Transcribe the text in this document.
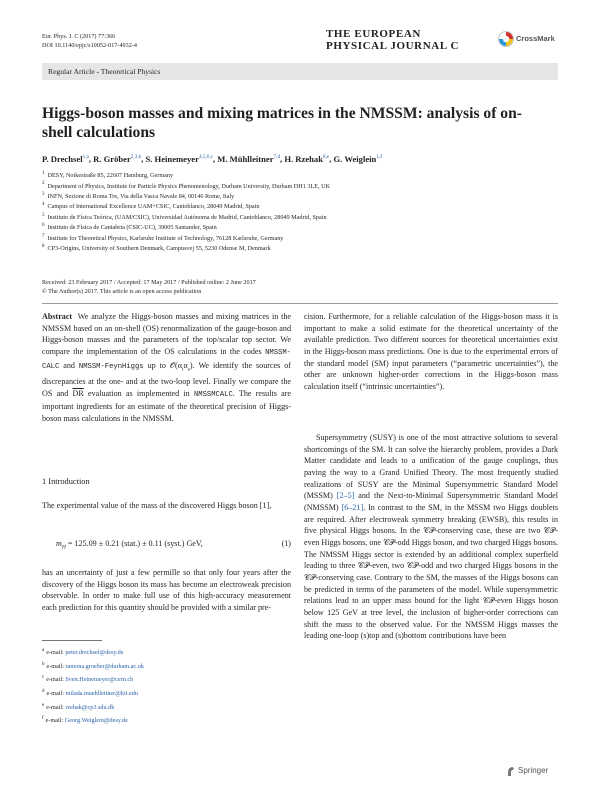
Eur. Phys. J. C (2017) 77:366
DOI 10.1140/epjc/s10052-017-4932-4
THE EUROPEAN
PHYSICAL JOURNAL C
CrossMark
Regular Article - Theoretical Physics
Higgs-boson masses and mixing matrices in the NMSSM: analysis of on-shell calculations
P. Drechsel$^{1,a}$, R. Gröber$^{2,3,b}$, S. Heinemeyer$^{4,5,6,c}$, M. Mühlleitner$^{7,d}$, H. Rzehak$^{8,e}$, G. Weiglein$^{1,f}$
$^1$ DESY, Notkestraße 85, 22607 Hamburg, Germany
$^2$ Department of Physics, Institute for Particle Physics Phenomenology, Durham University, Durham DH1 3LE, UK
$^3$ INFN, Sezione di Roma Tre, Via della Vasca Navale 84, 00146 Rome, Italy
$^4$ Campus of International Excellence UAM+CSIC, Cantoblanco, 28049 Madrid, Spain
$^5$ Instituto de Física Teórica, (UAM/CSIC), Universidad Autónoma de Madrid, Cantoblanco, 28049 Madrid, Spain
$^6$ Instituto de Física de Cantabria (CSIC-UC), 39005 Santander, Spain
$^7$ Institute for Theoretical Physics, Karlsruhe Institute of Technology, 76128 Karlsruhe, Germany
$^8$ CP3-Origins, University of Southern Denmark, Campusvej 55, 5230 Odense M, Denmark
Received: 23 February 2017 / Accepted: 17 May 2017 / Published online: 2 June 2017
© The Author(s) 2017. This article is an open access publication
Abstract We analyze the Higgs-boson masses and mixing matrices in the NMSSM based on an on-shell (OS) renormalization of the gauge-boson and Higgs-boson masses and the parameters of the top/scalar top sector. We compare the implementation of the OS calculations in the codes NMSSM-CALC and NMSSM-FeynHiggs up to $𝒪(\alpha_t\alpha_s)$. We identify the sources of discrepancies at the one- and at the two-loop level. Finally we compare the OS and $\overline{DR}$ evaluation as implemented in NMSSMCALC. The results are important ingredients for an estimate of the theoretical precision of Higgs-boson mass calculations in the NMSSM.
1 Introduction
The experimental value of the mass of the discovered Higgs boson [1],
$m_H = 125.09 \pm 0.21$ (stat.) ± 0.11 (syst.) GeV,	(1)
has an uncertainty of just a few permille so that only four years after the discovery of the Higgs boson its mass has become an electroweak precision observable. In order to make full use of this high-accuracy measurement each prediction for this quantity should be provided with a similar pre-
$^a$ e-mail: peter.drechsel@desy.de
$^b$ e-mail: ramona.groeber@durham.ac.uk
$^c$ e-mail: Sven.Heinemeyer@cern.ch
$^d$ e-mail: milada.muehlleitner@kit.edu
$^e$ e-mail: rzehak@cp3.sdu.dk
$^f$ e-mail: Georg.Weiglein@desy.de
cision. Furthermore, for a reliable calculation of the Higgs-boson mass it is important to make a solid estimate for the theoretical uncertainty of the available prediction. Two different sources for theoretical uncertainties exist in the Higgs-boson mass predictions. One is due to the experimental errors of the standard model (SM) input parameters (“parametric uncertainties”), the other are unknown higher-order corrections in the Higgs-boson mass calculation itself (“intrinsic uncertainties”).
Supersymmetry (SUSY) is one of the most attractive solutions to several shortcomings of the SM. It can solve the hierarchy problem, provides a Dark Matter candidate and leads to a unification of the gauge couplings, thus paving the way to a Grand Unified Theory. The most frequently studied realizations of SUSY are the Minimal Supersymmetric Standard Model (MSSM) [2–5] and the Next-to-Minimal Supersymmetric Standard Model (NMSSM) [6–21]. In contrast to the SM, in the MSSM two Higgs doublets are required. After electroweak symmetry breaking (EWSB), this results in five physical Higgs bosons. In the 𝒞𝒫-conserving case, these are two 𝒞𝒫-even Higgs bosons, one 𝒞𝒫-odd Higgs boson, and two charged Higgs bosons. The NMSSM Higgs sector is extended by an additional complex superfield leading to three 𝒞𝒫-even, two 𝒞𝒫-odd and two charged Higgs bosons in the 𝒞𝒫-conserving case. Contrary to the SM, the masses of the Higgs bosons can be predicted in terms of the parameters of the model. While supersymmetric relations lead to an upper mass bound for the light 𝒞𝒫-even Higgs boson below 125 GeV at tree level, the inclusion of higher-order corrections can shift the mass to the observed value. For the NMSSM Higgs masses the leading one-loop (s)top and (s)bottom contributions have been
Springer
